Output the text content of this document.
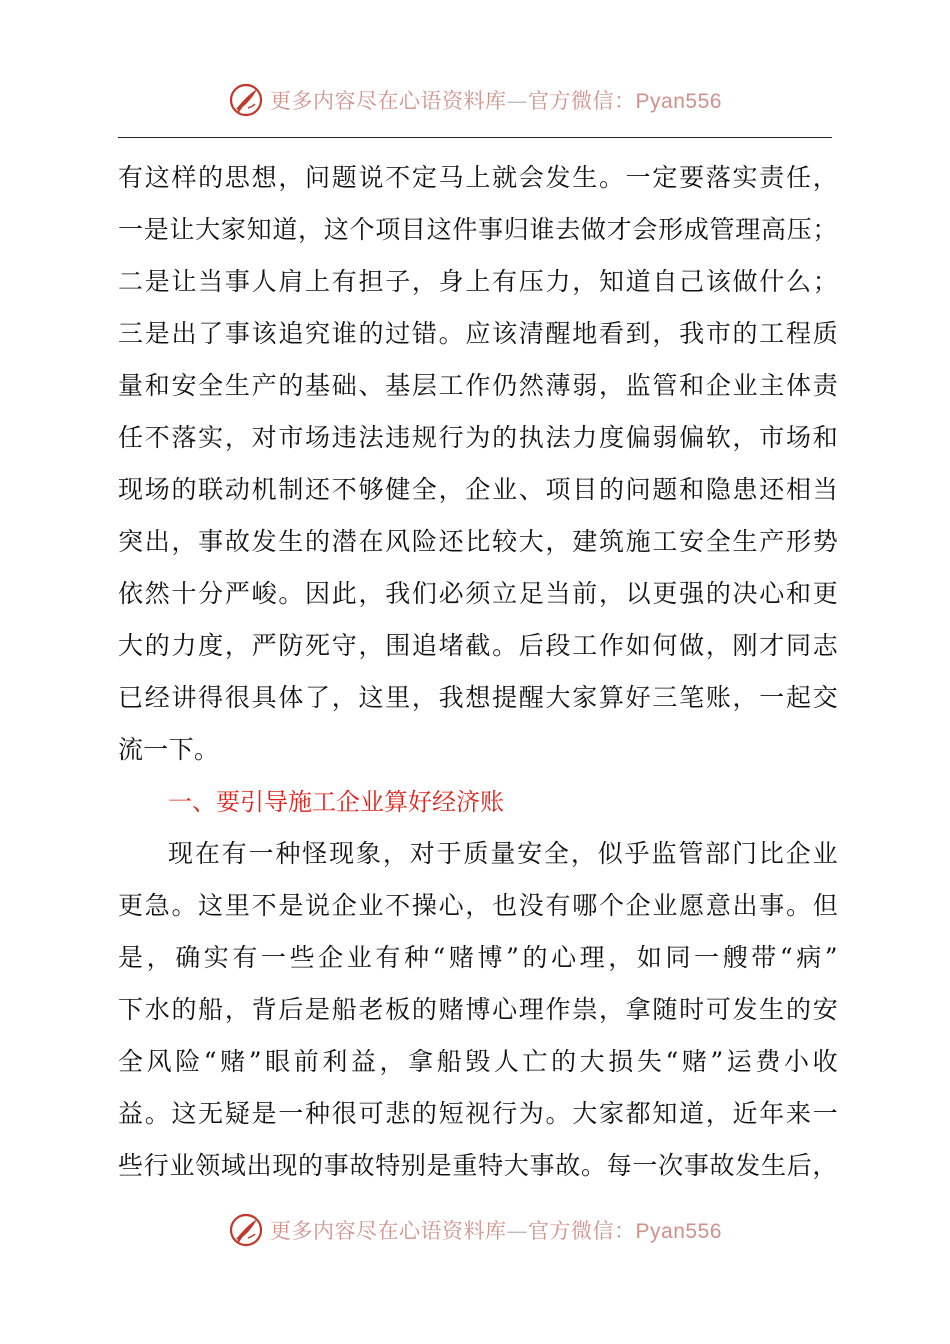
更多内容尽在心语资料库—官方微信：Pyan556
有 这 样 的 思 想 ， 问 题 说 不 定 马 上 就 会 发 生 。 一 定 要 落 实 责 任 ，
一 是 让 大 家 知 道 ， 这 个 项 目 这 件 事 归 谁 去 做 才 会 形 成 管 理 高 压 ；
二 是 让 当 事 人 肩 上 有 担 子 ， 身 上 有 压 力 ， 知 道 自 己 该 做 什 么 ；
三 是 出 了 事 该 追 究 谁 的 过 错 。 应 该 清 醒 地 看 到 ， 我 市 的 工 程 质
量 和 安 全 生 产 的 基 础 、 基 层 工 作 仍 然 薄 弱 ， 监 管 和 企 业 主 体 责
任 不 落 实 ， 对 市 场 违 法 违 规 行 为 的 执 法 力 度 偏 弱 偏 软 ， 市 场 和
现 场 的 联 动 机 制 还 不 够 健 全 ， 企 业 、 项 目 的 问 题 和 隐 患 还 相 当
突 出 ， 事 故 发 生 的 潜 在 风 险 还 比 较 大 ， 建 筑 施 工 安 全 生 产 形 势
依 然 十 分 严 峻 。 因 此 ， 我 们 必 须 立 足 当 前 ， 以 更 强 的 决 心 和 更
大 的 力 度 ， 严 防 死 守 ， 围 追 堵 截 。 后 段 工 作 如 何 做 ， 刚 才 同 志
已 经 讲 得 很 具 体 了 ， 这 里 ， 我 想 提 醒 大 家 算 好 三 笔 账 ， 一 起 交
流一下。
一、要引导施工企业算好经济账
现 在 有 一 种 怪 现 象 ， 对 于 质 量 安 全 ， 似 乎 监 管 部 门 比 企 业
更 急 。 这 里 不 是 说 企 业 不 操 心 ， 也 没 有 哪 个 企 业 愿 意 出 事 。 但
是 ， 确 实 有 一 些 企 业 有 种 “ 赌 博 ” 的 心 理 ， 如 同 一 艘 带 “ 病 ”
下 水 的 船 ， 背 后 是 船 老 板 的 赌 博 心 理 作 祟 ， 拿 随 时 可 发 生 的 安
全 风 险 “ 赌 ” 眼 前 利 益 ， 拿 船 毁 人 亡 的 大 损 失 “ 赌 ” 运 费 小 收
益 。 这 无 疑 是 一 种 很 可 悲 的 短 视 行 为 。 大 家 都 知 道 ， 近 年 来 一
些 行 业 领 域 出 现 的 事 故 特 别 是 重 特 大 事 故 。 每 一 次 事 故 发 生 后 ，
更多内容尽在心语资料库—官方微信：Pyan556
